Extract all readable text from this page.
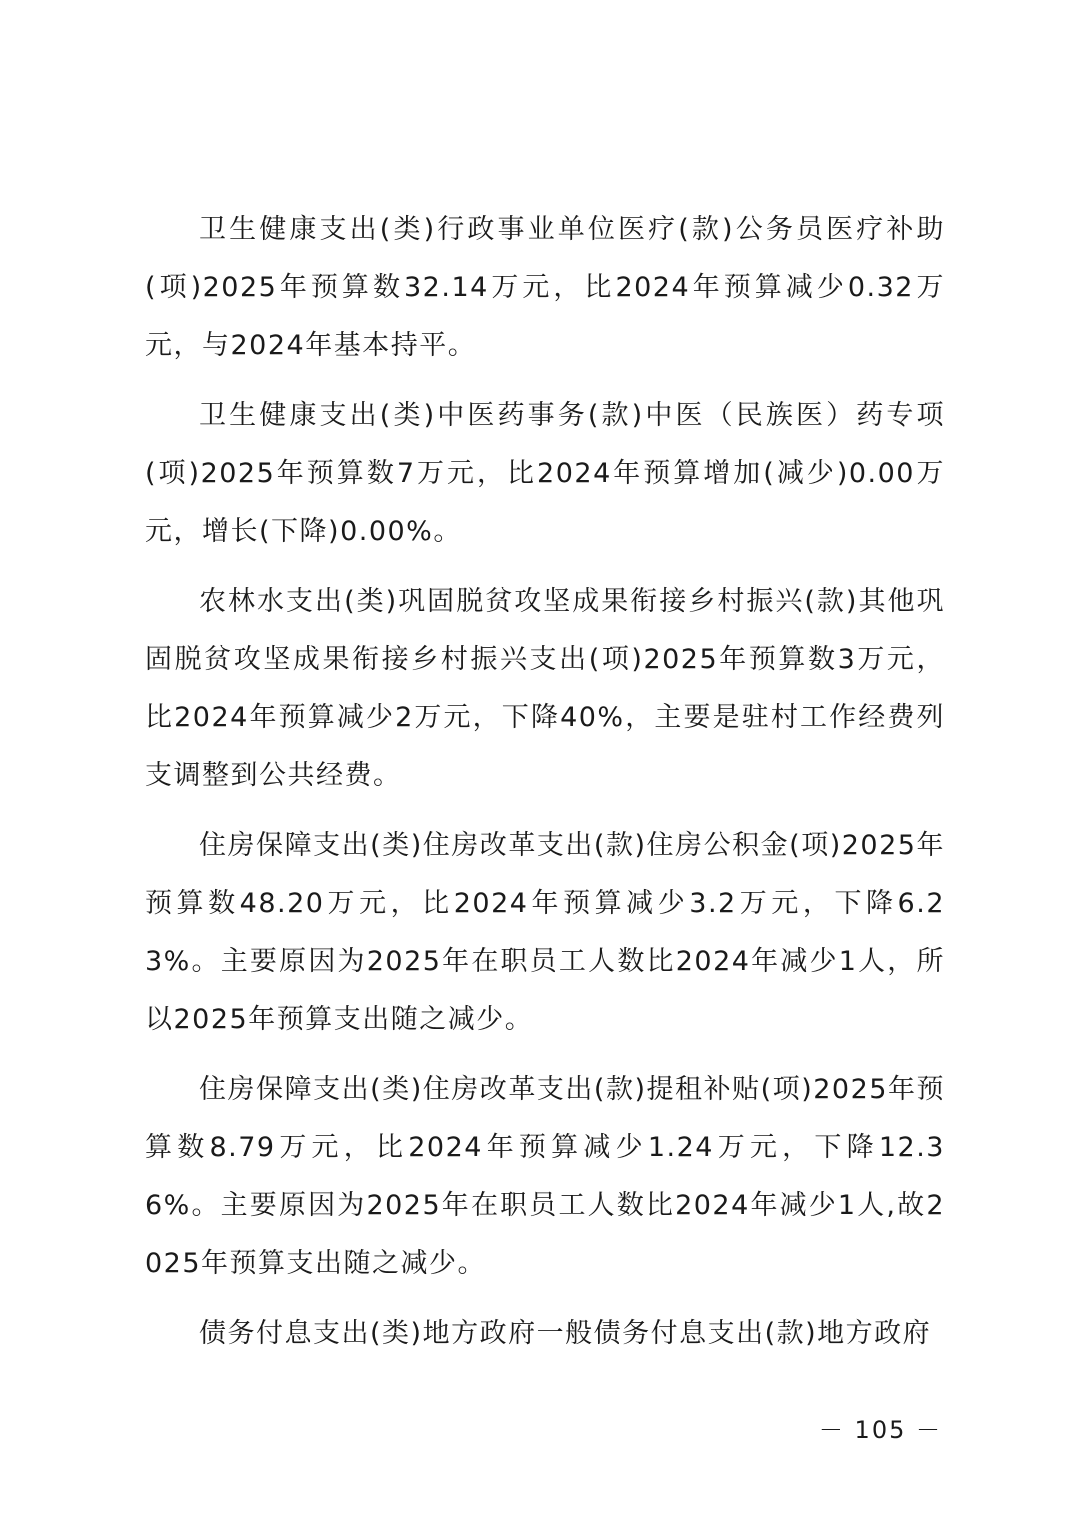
卫生健康支出(类)行政事业单位医疗(款)公务员医疗补助(项)2025年预算数32.14万元，比2024年预算减少0.32万元，与2024年基本持平。

卫生健康支出(类)中医药事务(款)中医（民族医）药专项(项)2025年预算数7万元，比2024年预算增加(减少)0.00万元，增长(下降)0.00%。

农林水支出(类)巩固脱贫攻坚成果衔接乡村振兴(款)其他巩固脱贫攻坚成果衔接乡村振兴支出(项)2025年预算数3万元，比2024年预算减少2万元，下降40%，主要是驻村工作经费列支调整到公共经费。

住房保障支出(类)住房改革支出(款)住房公积金(项)2025年预算数48.20万元，比2024年预算减少3.2万元，下降6.23%。主要原因为2025年在职员工人数比2024年减少1人，所以2025年预算支出随之减少。

住房保障支出(类)住房改革支出(款)提租补贴(项)2025年预算数8.79万元，比2024年预算减少1.24万元，下降12.36%。主要原因为2025年在职员工人数比2024年减少1人,故2025年预算支出随之减少。

债务付息支出(类)地方政府一般债务付息支出(款)地方政府

－ 105 －
